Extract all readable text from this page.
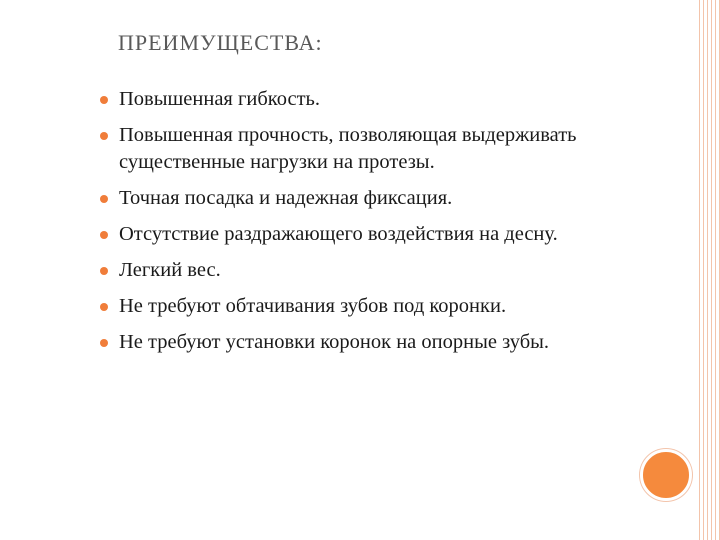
ПРЕИМУЩЕСТВА:
Повышенная гибкость.
Повышенная прочность, позволяющая выдерживать существенные нагрузки на протезы.
Точная посадка и надежная фиксация.
Отсутствие раздражающего воздействия на десну.
Легкий вес.
Не требуют обтачивания зубов под коронки.
Не требуют установки коронок на опорные зубы.
